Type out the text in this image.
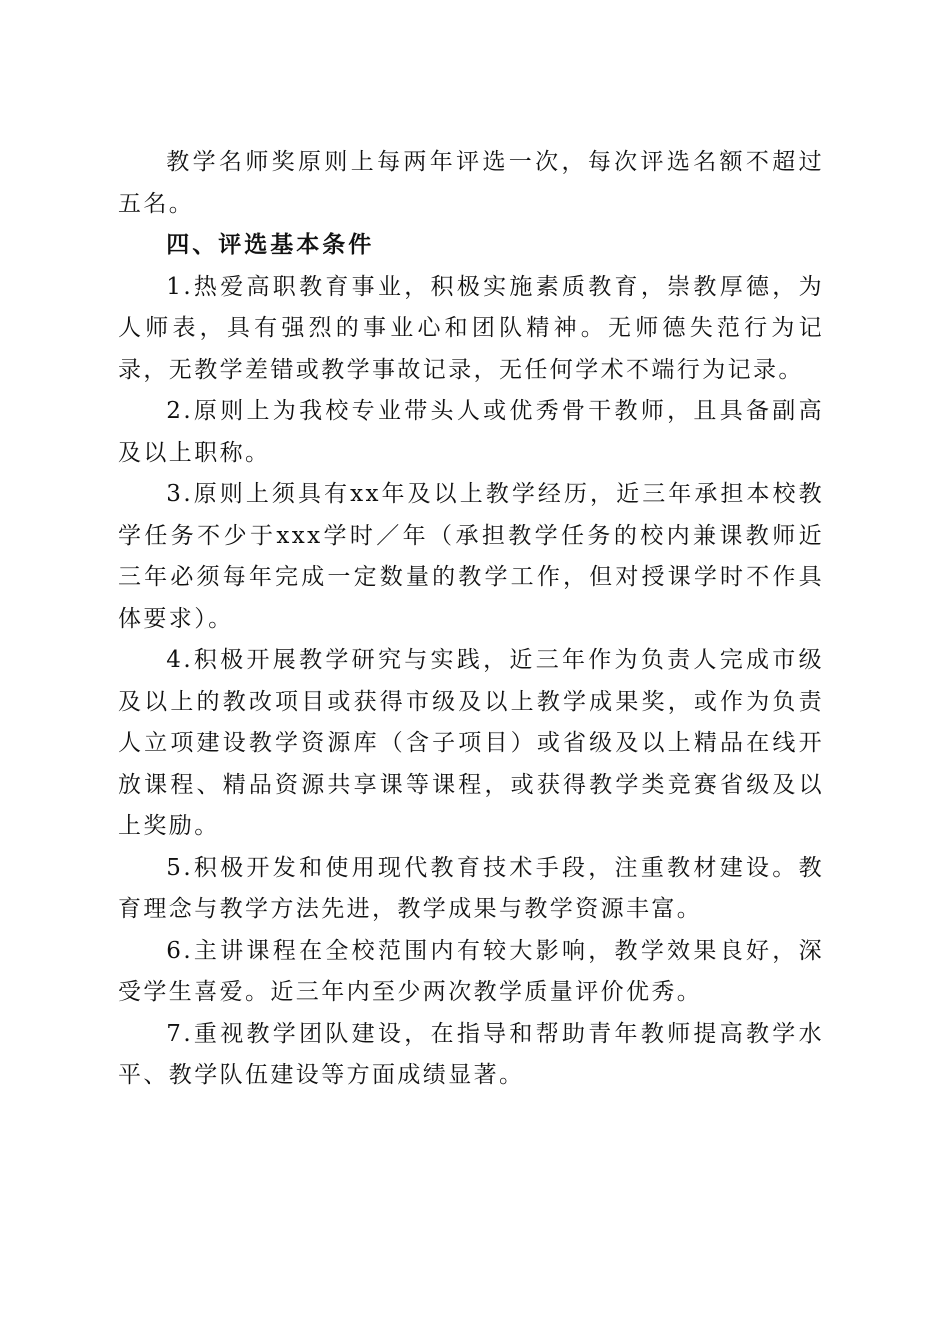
教学名师奖原则上每两年评选一次，每次评选名额不超过五名。

四、评选基本条件

1.热爱高职教育事业，积极实施素质教育，崇教厚德，为人师表，具有强烈的事业心和团队精神。无师德失范行为记录，无教学差错或教学事故记录，无任何学术不端行为记录。

2.原则上为我校专业带头人或优秀骨干教师，且具备副高及以上职称。

3.原则上须具有xx年及以上教学经历，近三年承担本校教学任务不少于xxx学时／年（承担教学任务的校内兼课教师近三年必须每年完成一定数量的教学工作，但对授课学时不作具体要求）。

4.积极开展教学研究与实践，近三年作为负责人完成市级及以上的教改项目或获得市级及以上教学成果奖，或作为负责人立项建设教学资源库（含子项目）或省级及以上精品在线开放课程、精品资源共享课等课程，或获得教学类竞赛省级及以上奖励。

5.积极开发和使用现代教育技术手段，注重教材建设。教育理念与教学方法先进，教学成果与教学资源丰富。

6.主讲课程在全校范围内有较大影响，教学效果良好，深受学生喜爱。近三年内至少两次教学质量评价优秀。

7.重视教学团队建设，在指导和帮助青年教师提高教学水平、教学队伍建设等方面成绩显著。
